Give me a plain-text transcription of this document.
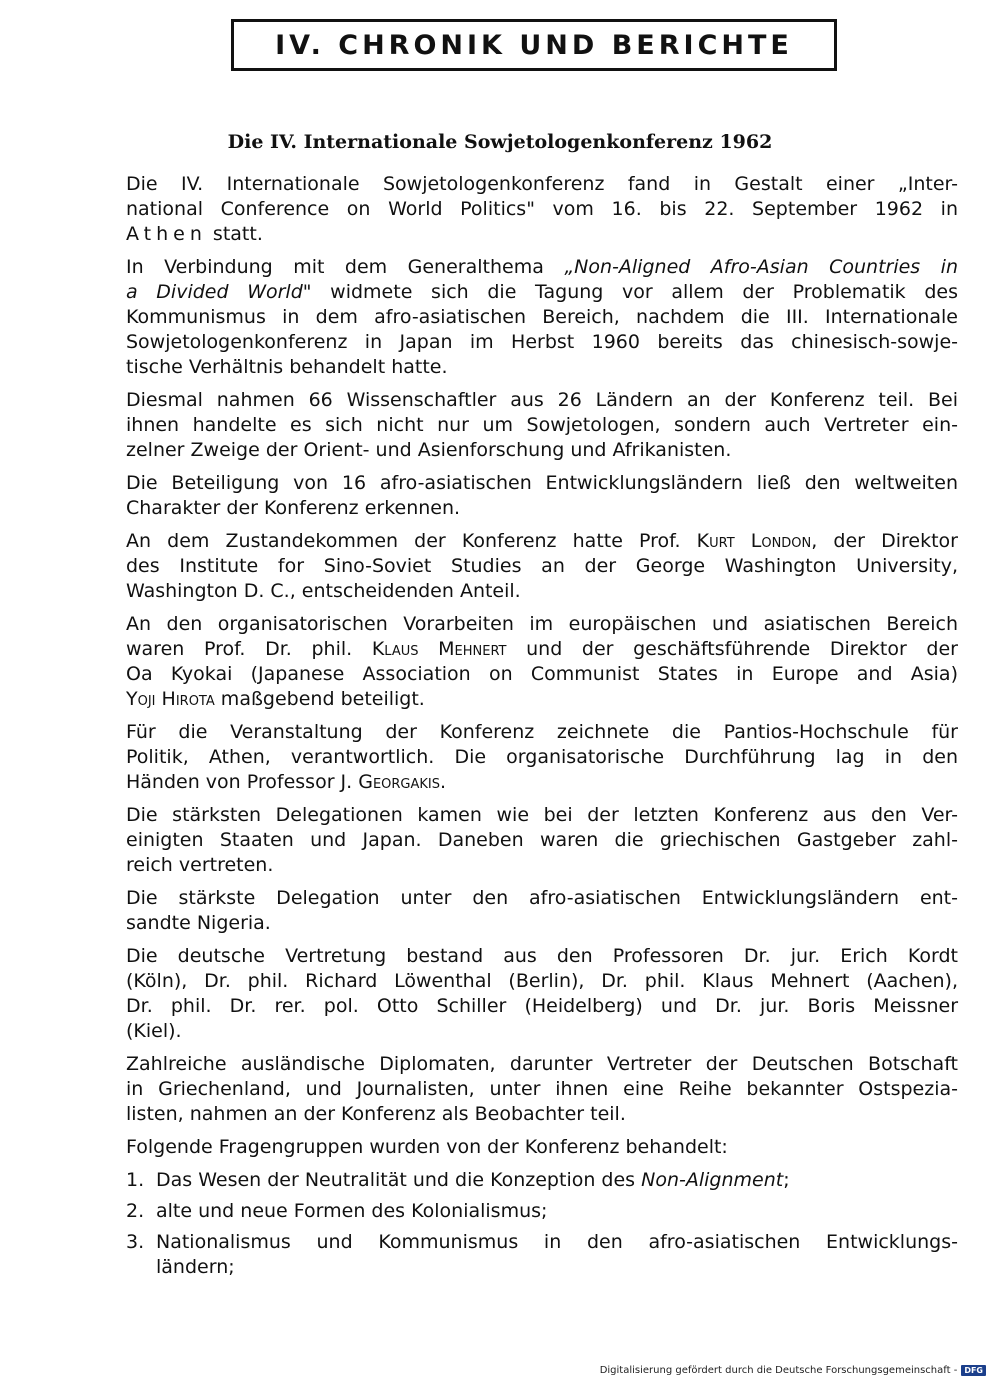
IV. CHRONIK UND BERICHTE
Die IV. Internationale Sowjetologenkonferenz 1962
Die IV. Internationale Sowjetologenkonferenz fand in Gestalt einer „Inter-
national Conference on World Politics" vom 16. bis 22. September 1962 in
Athen statt.
In Verbindung mit dem Generalthema „Non-Aligned Afro-Asian Countries in
a Divided World" widmete sich die Tagung vor allem der Problematik des
Kommunismus in dem afro-asiatischen Bereich, nachdem die III. Internationale
Sowjetologenkonferenz in Japan im Herbst 1960 bereits das chinesisch-sowje-
tische Verhältnis behandelt hatte.
Diesmal nahmen 66 Wissenschaftler aus 26 Ländern an der Konferenz teil. Bei
ihnen handelte es sich nicht nur um Sowjetologen, sondern auch Vertreter ein-
zelner Zweige der Orient- und Asienforschung und Afrikanisten.
Die Beteiligung von 16 afro-asiatischen Entwicklungsländern ließ den weltweiten
Charakter der Konferenz erkennen.
An dem Zustandekommen der Konferenz hatte Prof. Kurt London, der Direktor
des Institute for Sino-Soviet Studies an der George Washington University,
Washington D. C., entscheidenden Anteil.
An den organisatorischen Vorarbeiten im europäischen und asiatischen Bereich
waren Prof. Dr. phil. Klaus Mehnert und der geschäftsführende Direktor der
Oa Kyokai (Japanese Association on Communist States in Europe and Asia)
Yoji Hirota maßgebend beteiligt.
Für die Veranstaltung der Konferenz zeichnete die Pantios-Hochschule für
Politik, Athen, verantwortlich. Die organisatorische Durchführung lag in den
Händen von Professor J. Georgakis.
Die stärksten Delegationen kamen wie bei der letzten Konferenz aus den Ver-
einigten Staaten und Japan. Daneben waren die griechischen Gastgeber zahl-
reich vertreten.
Die stärkste Delegation unter den afro-asiatischen Entwicklungsländern ent-
sandte Nigeria.
Die deutsche Vertretung bestand aus den Professoren Dr. jur. Erich Kordt
(Köln), Dr. phil. Richard Löwenthal (Berlin), Dr. phil. Klaus Mehnert (Aachen),
Dr. phil. Dr. rer. pol. Otto Schiller (Heidelberg) und Dr. jur. Boris Meissner
(Kiel).
Zahlreiche ausländische Diplomaten, darunter Vertreter der Deutschen Botschaft
in Griechenland, und Journalisten, unter ihnen eine Reihe bekannter Ostspezia-
listen, nahmen an der Konferenz als Beobachter teil.
Folgende Fragengruppen wurden von der Konferenz behandelt:
1. Das Wesen der Neutralität und die Konzeption des Non-Alignment;
2. alte und neue Formen des Kolonialismus;
3. Nationalismus und Kommunismus in den afro-asiatischen Entwicklungs-
ländern;
Digitalisierung gefördert durch die Deutsche Forschungsgemeinschaft - DFG
